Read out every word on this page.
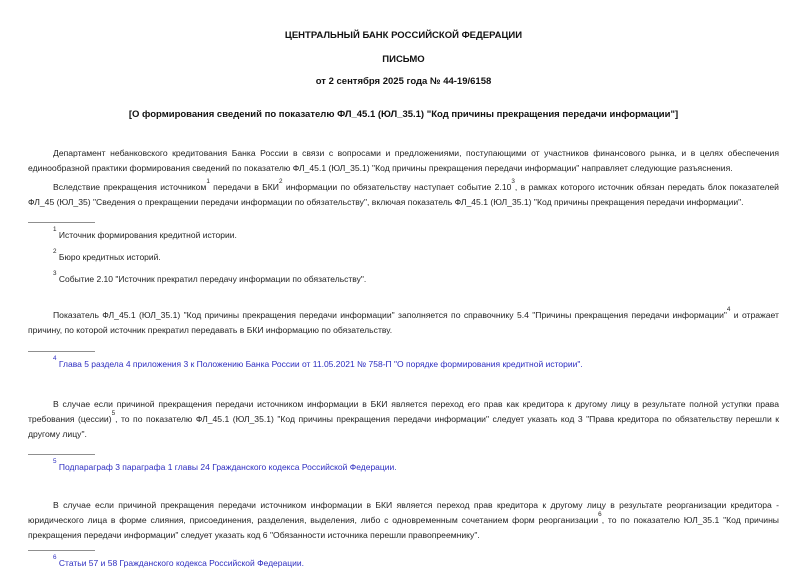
ЦЕНТРАЛЬНЫЙ БАНК РОССИЙСКОЙ ФЕДЕРАЦИИ
ПИСЬМО
от 2 сентября 2025 года № 44-19/6158
[О формирования сведений по показателю ФЛ_45.1 (ЮЛ_35.1) "Код причины прекращения передачи информации"]

Департамент небанковского кредитования Банка России в связи с вопросами и предложениями, поступающими от участников финансового рынка, и в целях обеспечения единообразной практики формирования сведений по показателю ФЛ_45.1 (ЮЛ_35.1) "Код причины прекращения передачи информации" направляет следующие разъяснения.

Вследствие прекращения источником$^1$ передачи в БКИ$^2$ информации по обязательству наступает событие 2.10$^3$, в рамках которого источник обязан передать блок показателей ФЛ_45 (ЮЛ_35) "Сведения о прекращении передачи информации по обязательству", включая показатель ФЛ_45.1 (ЮЛ_35.1) "Код причины прекращения передачи информации".

$^1$ Источник формирования кредитной истории.

$^2$ Бюро кредитных историй.

$^3$ Событие 2.10 "Источник прекратил передачу информации по обязательству".

Показатель ФЛ_45.1 (ЮЛ_35.1) "Код причины прекращения передачи информации" заполняется по справочнику 5.4 "Причины прекращения передачи информации"$^4$ и отражает причину, по которой источник прекратил передавать в БКИ информацию по обязательству.

$^4$ Глава 5 раздела 4 приложения 3 к Положению Банка России от 11.05.2021 № 758-П "О порядке формирования кредитной истории".

В случае если причиной прекращения передачи источником информации в БКИ является переход его прав как кредитора к другому лицу в результате полной уступки права требования (цессии)$^5$, то по показателю ФЛ_45.1 (ЮЛ_35.1) "Код причины прекращения передачи информации" следует указать код 3 "Права кредитора по обязательству перешли к другому лицу".

$^5$ Подпараграф 3 параграфа 1 главы 24 Гражданского кодекса Российской Федерации.

В случае если причиной прекращения передачи источником информации в БКИ является переход прав кредитора к другому лицу в результате реорганизации кредитора - юридического лица в форме слияния, присоединения, разделения, выделения, либо с одновременным сочетанием форм реорганизации$^6$, то по показателю ЮЛ_35.1 "Код причины прекращения передачи информации" следует указать код 6 "Обязанности источника перешли правопреемнику".

$^6$ Статьи 57 и 58 Гражданского кодекса Российской Федерации.
